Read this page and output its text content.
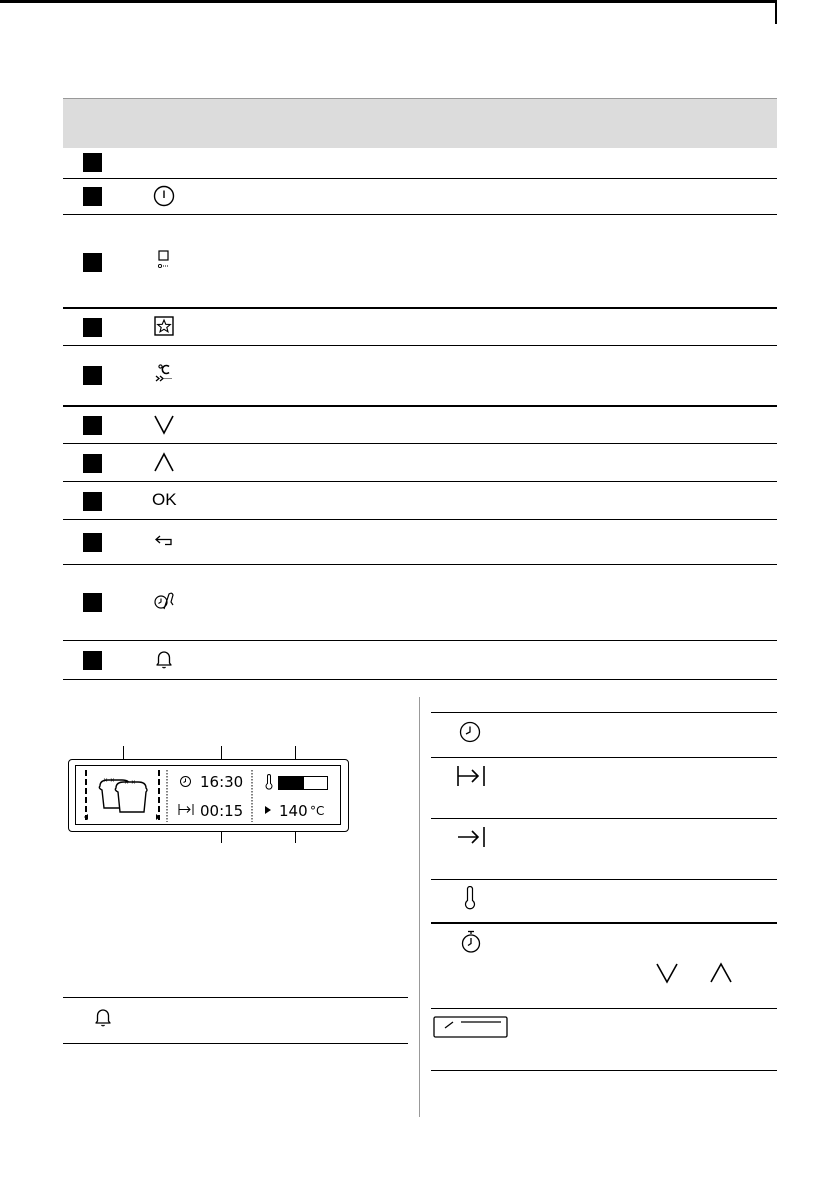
OK
× × × ×	16:30
00:15 140 °C
